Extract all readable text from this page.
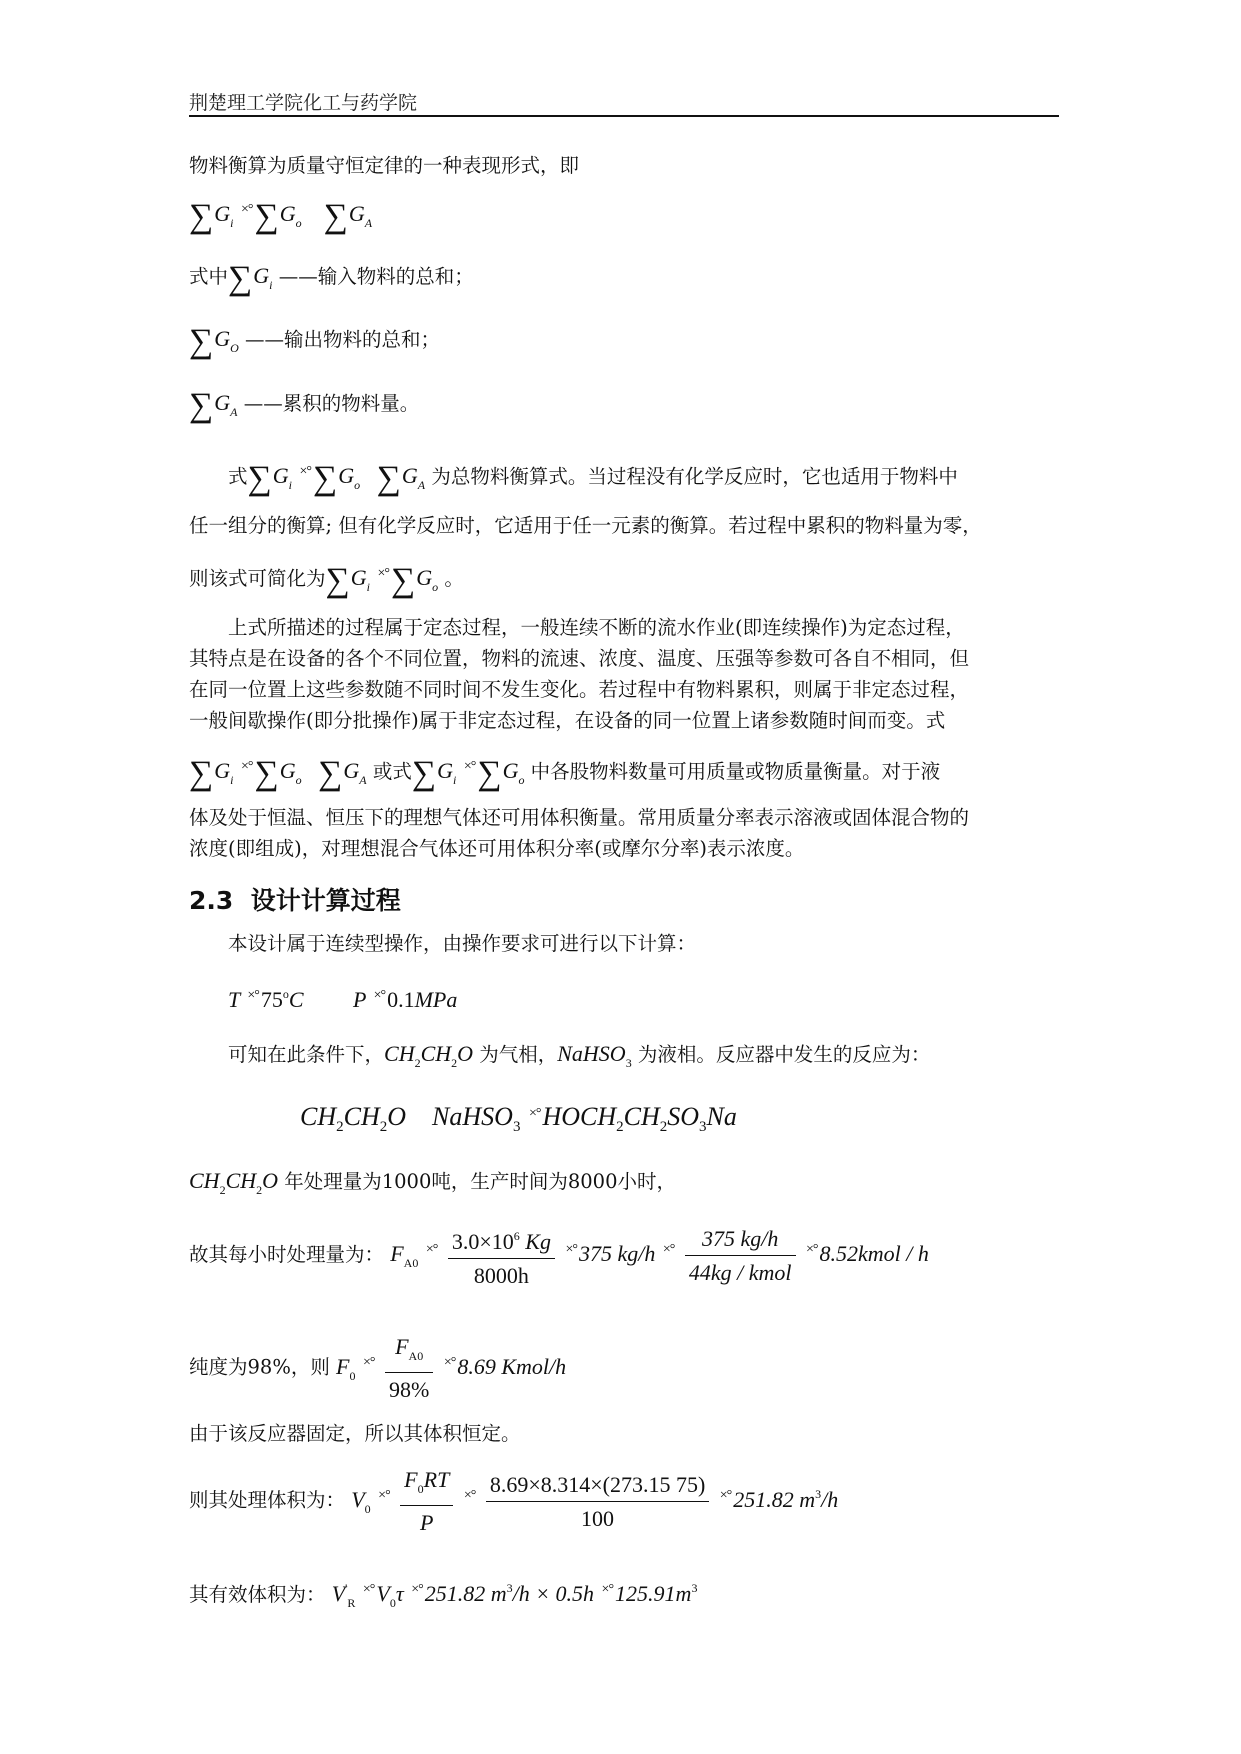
荆楚理工学院化工与药学院
物料衡算为质量守恒定律的一种表现形式，即
$\sum G_i$ $^{\times^\circ}\sum G_o$ $\sum G_A$
式中$\sum G_i$ ——输入物料的总和；
$\sum G_O$ ——输出物料的总和；
$\sum G_A$ ——累积的物料量。
式$\sum G_i$ $^{\times^\circ}\sum G_o$ $\sum G_A$ 为总物料衡算式。当过程没有化学反应时，它也适用于物料中
任一组分的衡算; 但有化学反应时，它适用于任一元素的衡算。若过程中累积的物料量为零，
则该式可简化为$\sum G_i$ $^{\times^\circ}\sum G_o$ 。
上式所描述的过程属于定态过程，一般连续不断的流水作业(即连续操作)为定态过程，
其特点是在设备的各个不同位置，物料的流速、浓度、温度、压强等参数可各自不相同，但
在同一位置上这些参数随不同时间不发生变化。若过程中有物料累积，则属于非定态过程，
一般间歇操作(即分批操作)属于非定态过程，在设备的同一位置上诸参数随时间而变。式
$\sum G_i$ $^{\times^\circ}\sum G_o$ $\sum G_A$ 或式$\sum G_i$ $^{\times^\circ}\sum G_o$ 中各股物料数量可用质量或物质量衡量。对于液
体及处于恒温、恒压下的理想气体还可用体积衡量。常用质量分率表示溶液或固体混合物的
浓度(即组成)，对理想混合气体还可用体积分率(或摩尔分率)表示浓度。
2.3 设计计算过程
本设计属于连续型操作，由操作要求可进行以下计算：
T ×°75$^o$C P ×°0.1MPa
可知在此条件下，$CH_2CH_2O$ 为气相，NaHSO$_3$ 为液相。反应器中发生的反应为：
$CH_2CH_2O$ NaHSO$_3$ $^{\times^\circ}HOCH_2CH_2SO_3Na$
$CH_2CH_2O$ 年处理量为1000吨，生产时间为8000小时，
故其每小时处理量为： $F_{A0}$ $^{\times^\circ} \frac{3.0\times 10^6 Kg}{8000h} ^{\times^\circ}375$ kg/h $^{\times^\circ} \frac{375 kg/h}{\text{44kg / kmol}}$ ×°8.52kmol / h
纯度为98%，则 $F_0$ $^{\times^\circ} \frac{F_{A0}}{98\%} ^{\times^\circ}8.69$ Kmol/h
由于该反应器固定，所以其体积恒定。
则其处理体积为： $V_0$ $^{\times^\circ} \frac{F_0RT}{P} ^{\times^\circ} \frac{8.69\times 8.314\times(273.15 75)}{100} ^{\times^\circ}251.82$ $m^3/h$
其有效体积为： $V'_R$ $^{\times^\circ}V_0\tau$ ×°251.82 $m^3/h \times 0.5h$ $^{\times^\circ}125.91m^3$
